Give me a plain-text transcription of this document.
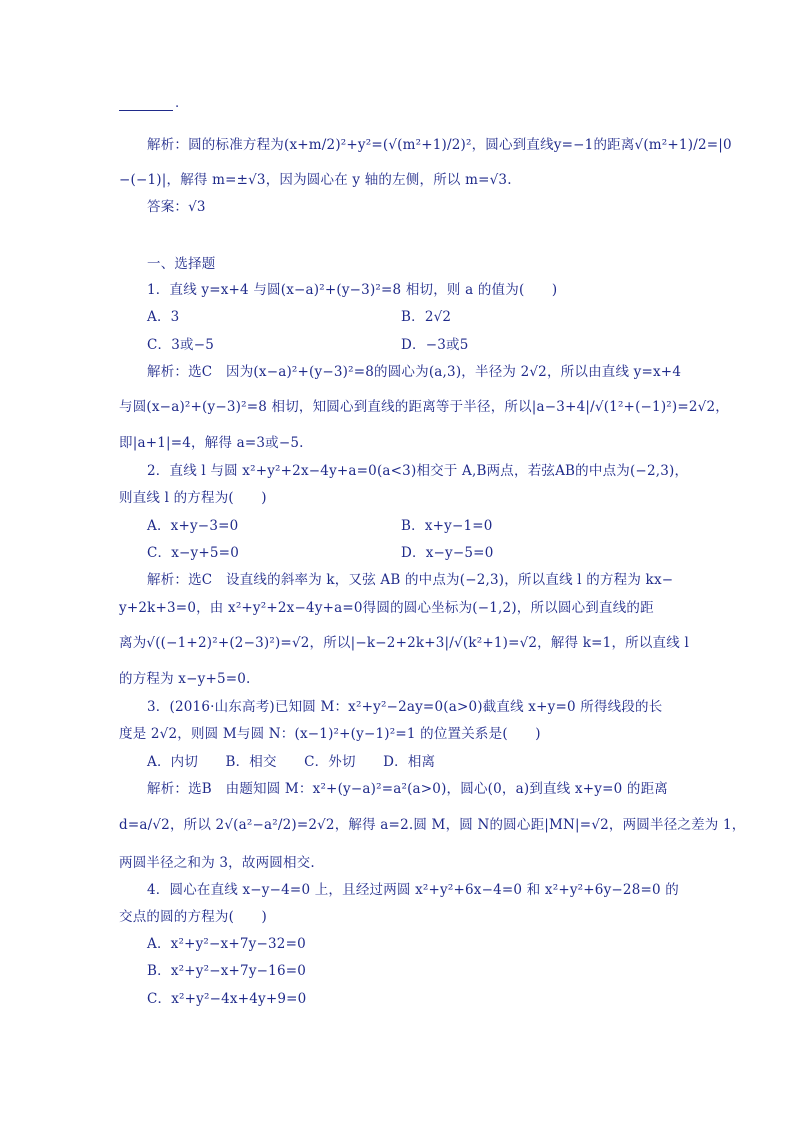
.
解析：圆的标准方程为(x+m/2)²+y²=(√(m²+1)/2)²，圆心到直线y=−1的距离√(m²+1)/2=|0
−(−1)|，解得 m=±√3，因为圆心在 y 轴的左侧，所以 m=√3.
答案：√3
一、选择题
1．直线 y=x+4 与圆(x−a)²+(y−3)²=8 相切，则 a 的值为(　　)
A．3	B．2√2
C．3或−5	D．−3或5
解析：选C　因为(x−a)²+(y−3)²=8的圆心为(a,3)，半径为 2√2，所以由直线 y=x+4
与圆(x−a)²+(y−3)²=8 相切，知圆心到直线的距离等于半径，所以|a−3+4|/√(1²+(−1)²)=2√2，
即|a+1|=4，解得 a=3或−5.
2．直线 l 与圆 x²+y²+2x−4y+a=0(a<3)相交于 A,B两点，若弦AB的中点为(−2,3)，
则直线 l 的方程为(　　)
A．x+y−3=0	B．x+y−1=0
C．x−y+5=0	D．x−y−5=0
解析：选C　设直线的斜率为 k，又弦 AB 的中点为(−2,3)，所以直线 l 的方程为 kx−
y+2k+3=0，由 x²+y²+2x−4y+a=0得圆的圆心坐标为(−1,2)，所以圆心到直线的距
离为√((−1+2)²+(2−3)²)=√2，所以|−k−2+2k+3|/√(k²+1)=√2，解得 k=1，所以直线 l
的方程为 x−y+5=0.
3．(2016·山东高考)已知圆 M：x²+y²−2ay=0(a>0)截直线 x+y=0 所得线段的长
度是 2√2，则圆 M与圆 N：(x−1)²+(y−1)²=1 的位置关系是(　　)
A．内切　　B．相交　　C．外切　　D．相离
解析：选B　由题知圆 M：x²+(y−a)²=a²(a>0)，圆心(0，a)到直线 x+y=0 的距离
d=a/√2，所以 2√(a²−a²/2)=2√2，解得 a=2.圆 M，圆 N的圆心距|MN|=√2，两圆半径之差为 1，
两圆半径之和为 3，故两圆相交.
4．圆心在直线 x−y−4=0 上，且经过两圆 x²+y²+6x−4=0 和 x²+y²+6y−28=0 的
交点的圆的方程为(　　)
A．x²+y²−x+7y−32=0
B．x²+y²−x+7y−16=0
C．x²+y²−4x+4y+9=0
